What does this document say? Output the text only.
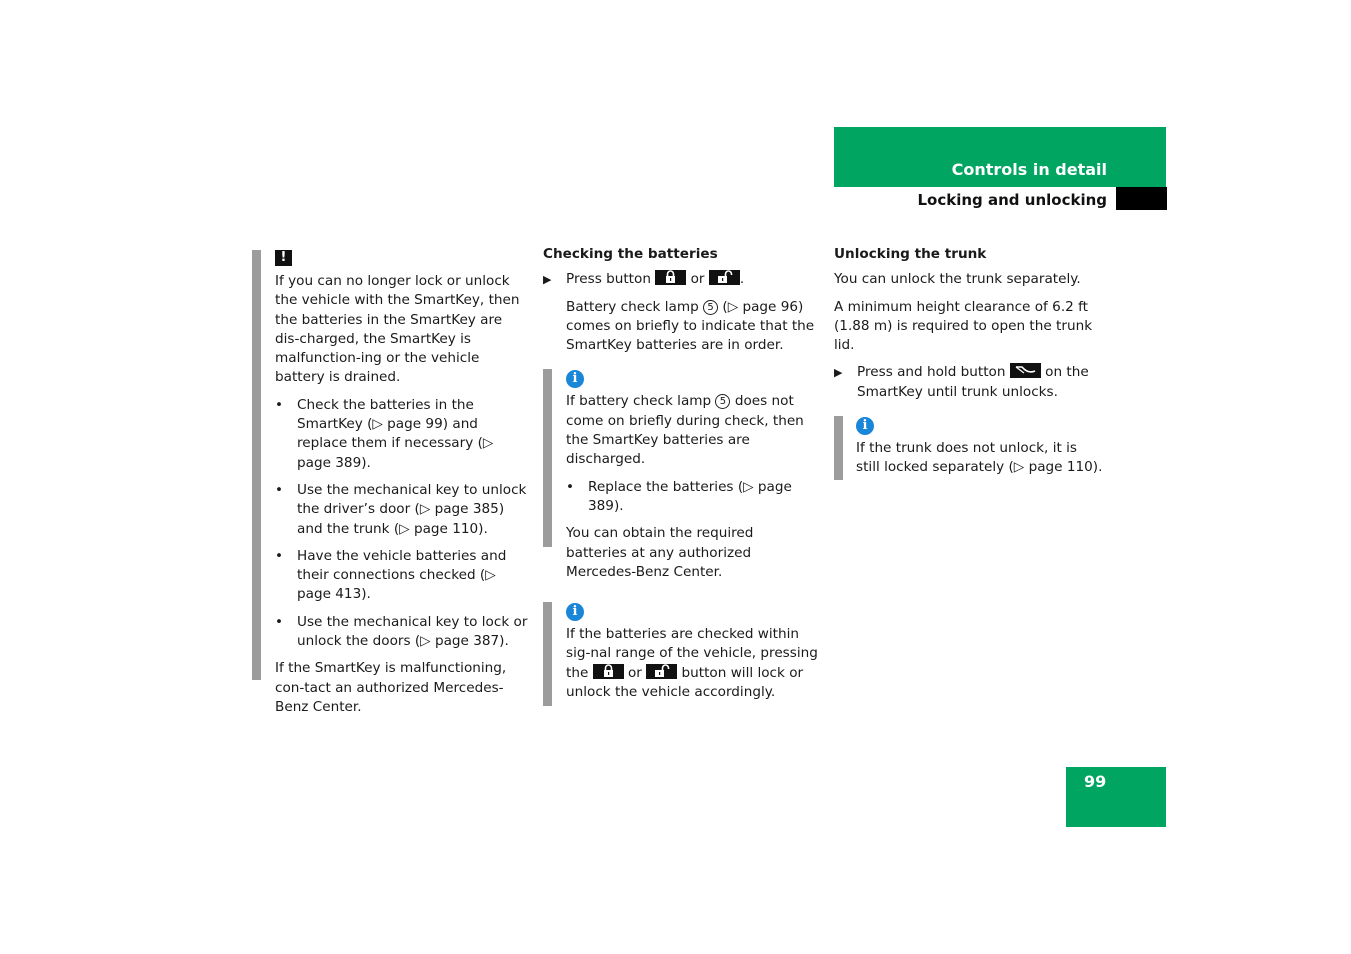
Controls in detail
Locking and unlocking
!

If you can no longer lock or unlock the vehicle with the SmartKey, then the batteries in the SmartKey are dis-charged, the SmartKey is malfunction-ing or the vehicle battery is drained.

• Check the batteries in the SmartKey (▷ page 99) and replace them if necessary (▷ page 389).
• Use the mechanical key to unlock the driver’s door (▷ page 385) and the trunk (▷ page 110).
• Have the vehicle batteries and their connections checked (▷ page 413).
• Use the mechanical key to lock or unlock the doors (▷ page 387).

If the SmartKey is malfunctioning, con-tact an authorized Mercedes-Benz Center.

Checking the batteries

▶ Press button	or	.

Battery check lamp 5 (▷ page 96) comes on briefly to indicate that the SmartKey batteries are in order.

i

If battery check lamp 5 does not come on briefly during check, then the SmartKey batteries are discharged.

• Replace the batteries (▷ page 389).

You can obtain the required batteries at any authorized Mercedes-Benz Center.

i

If the batteries are checked within sig-nal range of the vehicle, pressing the	or	button will lock or unlock the vehicle accordingly.

Unlocking the trunk

You can unlock the trunk separately.

A minimum height clearance of 6.2 ft (1.88 m) is required to open the trunk lid.

▶ Press and hold button	on the SmartKey until trunk unlocks.
i

If the trunk does not unlock, it is still locked separately (▷ page 110).

99
